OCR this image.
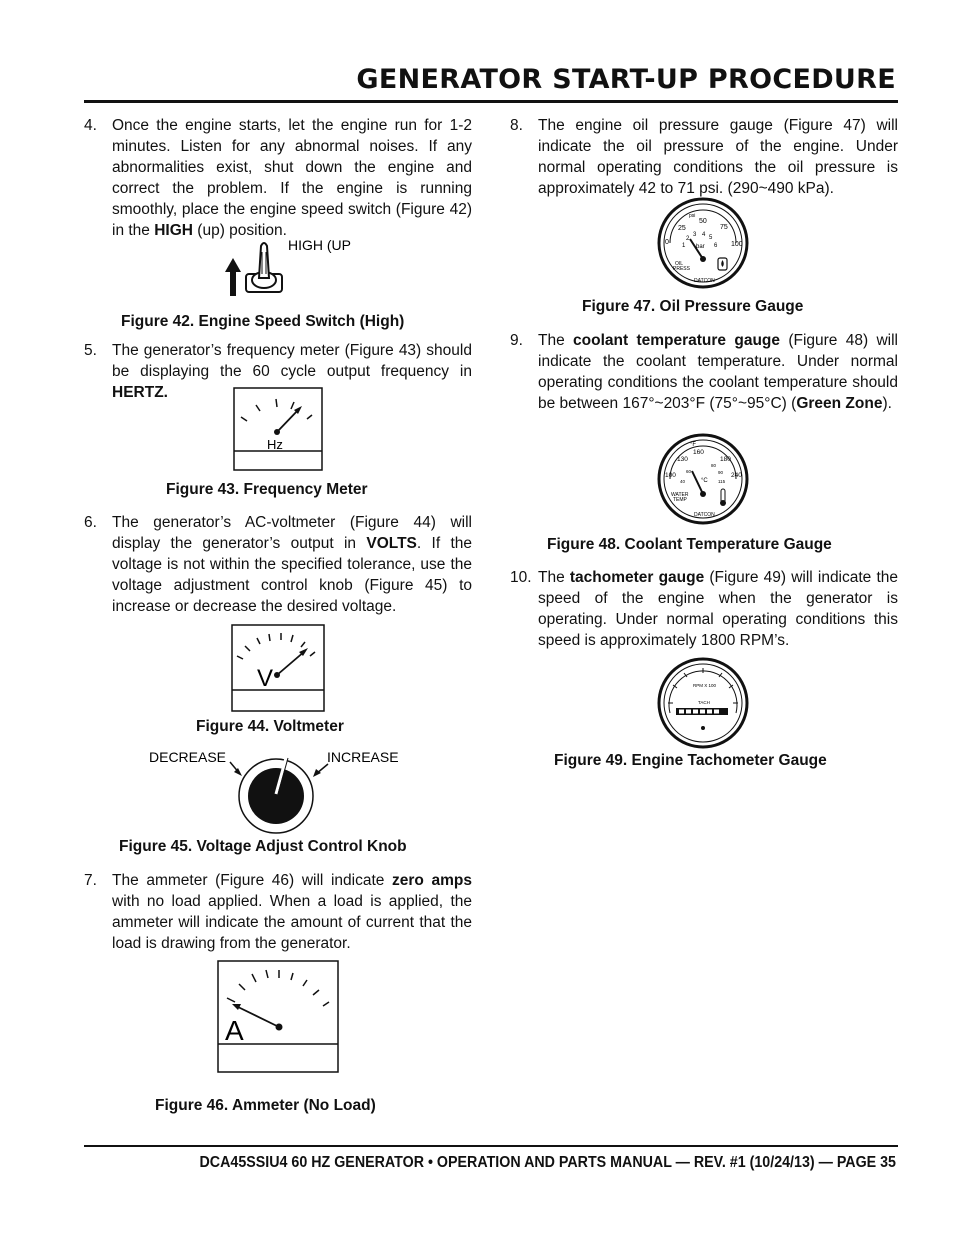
GENERATOR START-UP PROCEDURE
4. Once the engine starts, let the engine run for 1-2 minutes. Listen for any abnormal noises. If any abnormalities exist, shut down the engine and correct the problem. If the engine is running smoothly, place the engine speed switch (Figure 42) in the HIGH (up) position.
HIGH (UP
Figure 42. Engine Speed Switch (High)
5. The generator’s frequency meter (Figure 43) should be displaying the 60 cycle output frequency in HERTZ.
Hz
Figure 43. Frequency Meter
6. The generator’s AC-voltmeter (Figure 44) will display the generator’s output in VOLTS. If the voltage is not within the specified tolerance, use the voltage adjustment control knob (Figure 45) to increase or decrease the desired voltage.
V
Figure 44. Voltmeter
DECREASE	INCREASE
Figure 45. Voltage Adjust Control Knob
7. The ammeter (Figure 46) will indicate zero amps with no load applied. When a load is applied, the ammeter will indicate the amount of current that the load is drawing from the generator.
A
Figure 46. Ammeter (No Load)
8. The engine oil pressure gauge (Figure 47) will indicate the oil pressure of the engine. Under normal operating conditions the oil pressure is approximately 42 to 71 psi. (290~490 kPa).
psi
0
25
50
75
100
1
2
3 4 5
6
bar
OIL
PRESS
DATCON
Figure 47. Oil Pressure Gauge
9. The coolant temperature gauge (Figure 48) will indicate the coolant temperature. Under normal operating conditions the coolant temperature should be between 167°~203°F (75°~95°C) (Green Zone).
°F
100
130
160
180
240
40
60
80
90
115
°C
WATER
TEMP
DATCON
Figure 48. Coolant Temperature Gauge
10. The tachometer gauge (Figure 49) will indicate the speed of the engine when the generator is operating. Under normal operating conditions this speed is approximately 1800 RPM’s.
RPM X 100
TACH
Figure 49. Engine Tachometer Gauge
DCA45SSIU4 60 HZ GENERATOR • OPERATION AND PARTS MANUAL — REV. #1 (10/24/13) — PAGE 35
